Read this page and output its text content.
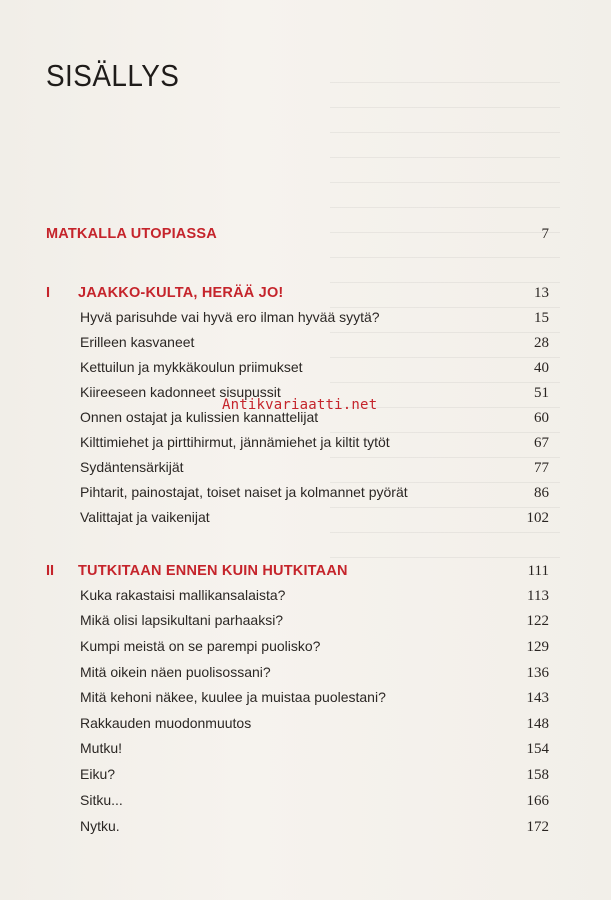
SISÄLLYS
MATKALLA UTOPIASSA	7
I	JAAKKO-KULTA, HERÄÄ JO!	13
Hyvä parisuhde vai hyvä ero ilman hyvää syytä?	15
Erilleen kasvaneet	28
Kettuilun ja mykkäkoulun priimukset	40
Kiireeseen kadonneet sisupussit	51
Onnen ostajat ja kulissien kannattelijat	60
Kilttimiehet ja pirttihirmut, jännämiehet ja kiltit tytöt	67
Sydäntensärkijät	77
Pihtarit, painostajat, toiset naiset ja kolmannet pyörät	86
Valittajat ja vaikenijat	102
II	TUTKITAAN ENNEN KUIN HUTKITAAN	111
Kuka rakastaisi mallikansalaista?	113
Mikä olisi lapsikultani parhaaksi?	122
Kumpi meistä on se parempi puolisko?	129
Mitä oikein näen puolisossani?	136
Mitä kehoni näkee, kuulee ja muistaa puolestani?	143
Rakkauden muodonmuutos	148
Mutku!	154
Eiku?	158
Sitku...	166
Nytku.	172
Antikvariaatti.net
